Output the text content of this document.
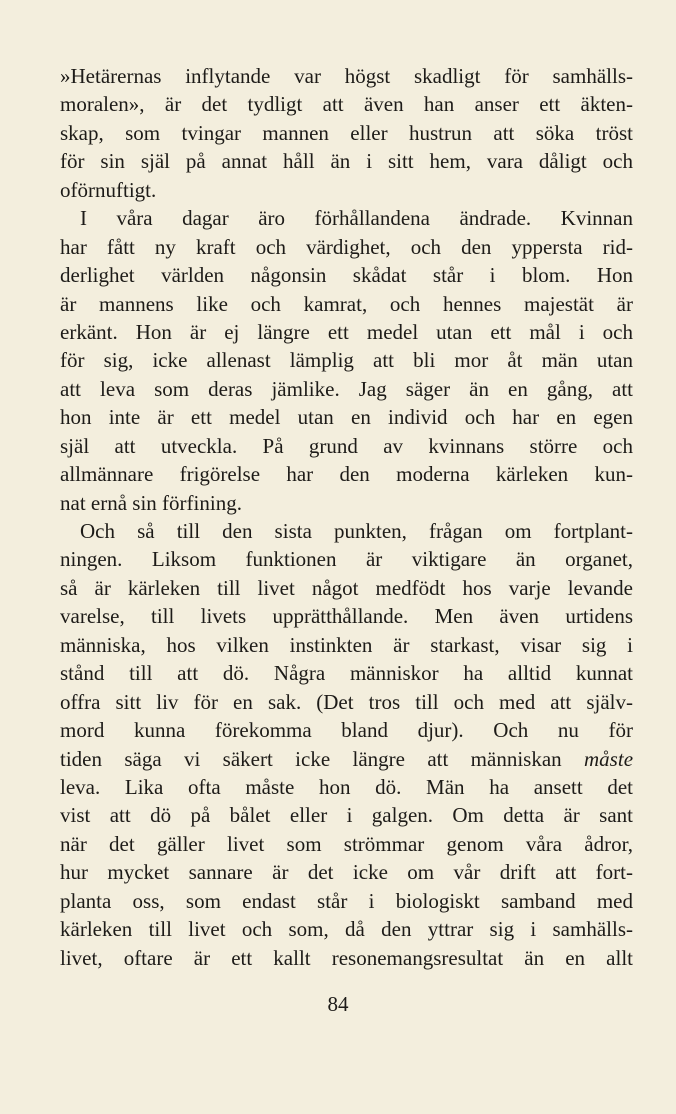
»Hetärernas inflytande var högst skadligt för samhälls-
moralen», är det tydligt att även han anser ett äkten-
skap, som tvingar mannen eller hustrun att söka tröst
för sin själ på annat håll än i sitt hem, vara dåligt och
oförnuftigt.
I våra dagar äro förhållandena ändrade. Kvinnan
har fått ny kraft och värdighet, och den yppersta rid-
derlighet världen någonsin skådat står i blom. Hon
är mannens like och kamrat, och hennes majestät är
erkänt. Hon är ej längre ett medel utan ett mål i och
för sig, icke allenast lämplig att bli mor åt män utan
att leva som deras jämlike. Jag säger än en gång, att
hon inte är ett medel utan en individ och har en egen
själ att utveckla. På grund av kvinnans större och
allmännare frigörelse har den moderna kärleken kun-
nat ernå sin förfining.
Och så till den sista punkten, frågan om fortplant-
ningen. Liksom funktionen är viktigare än organet,
så är kärleken till livet något medfödt hos varje levande
varelse, till livets upprätthållande. Men även urtidens
människa, hos vilken instinkten är starkast, visar sig i
stånd till att dö. Några människor ha alltid kunnat
offra sitt liv för en sak. (Det tros till och med att själv-
mord kunna förekomma bland djur). Och nu för
tiden säga vi säkert icke längre att människan måste
leva. Lika ofta måste hon dö. Män ha ansett det
vist att dö på bålet eller i galgen. Om detta är sant
när det gäller livet som strömmar genom våra ådror,
hur mycket sannare är det icke om vår drift att fort-
planta oss, som endast står i biologiskt samband med
kärleken till livet och som, då den yttrar sig i samhälls-
livet, oftare är ett kallt resonemangsresultat än en allt
84
